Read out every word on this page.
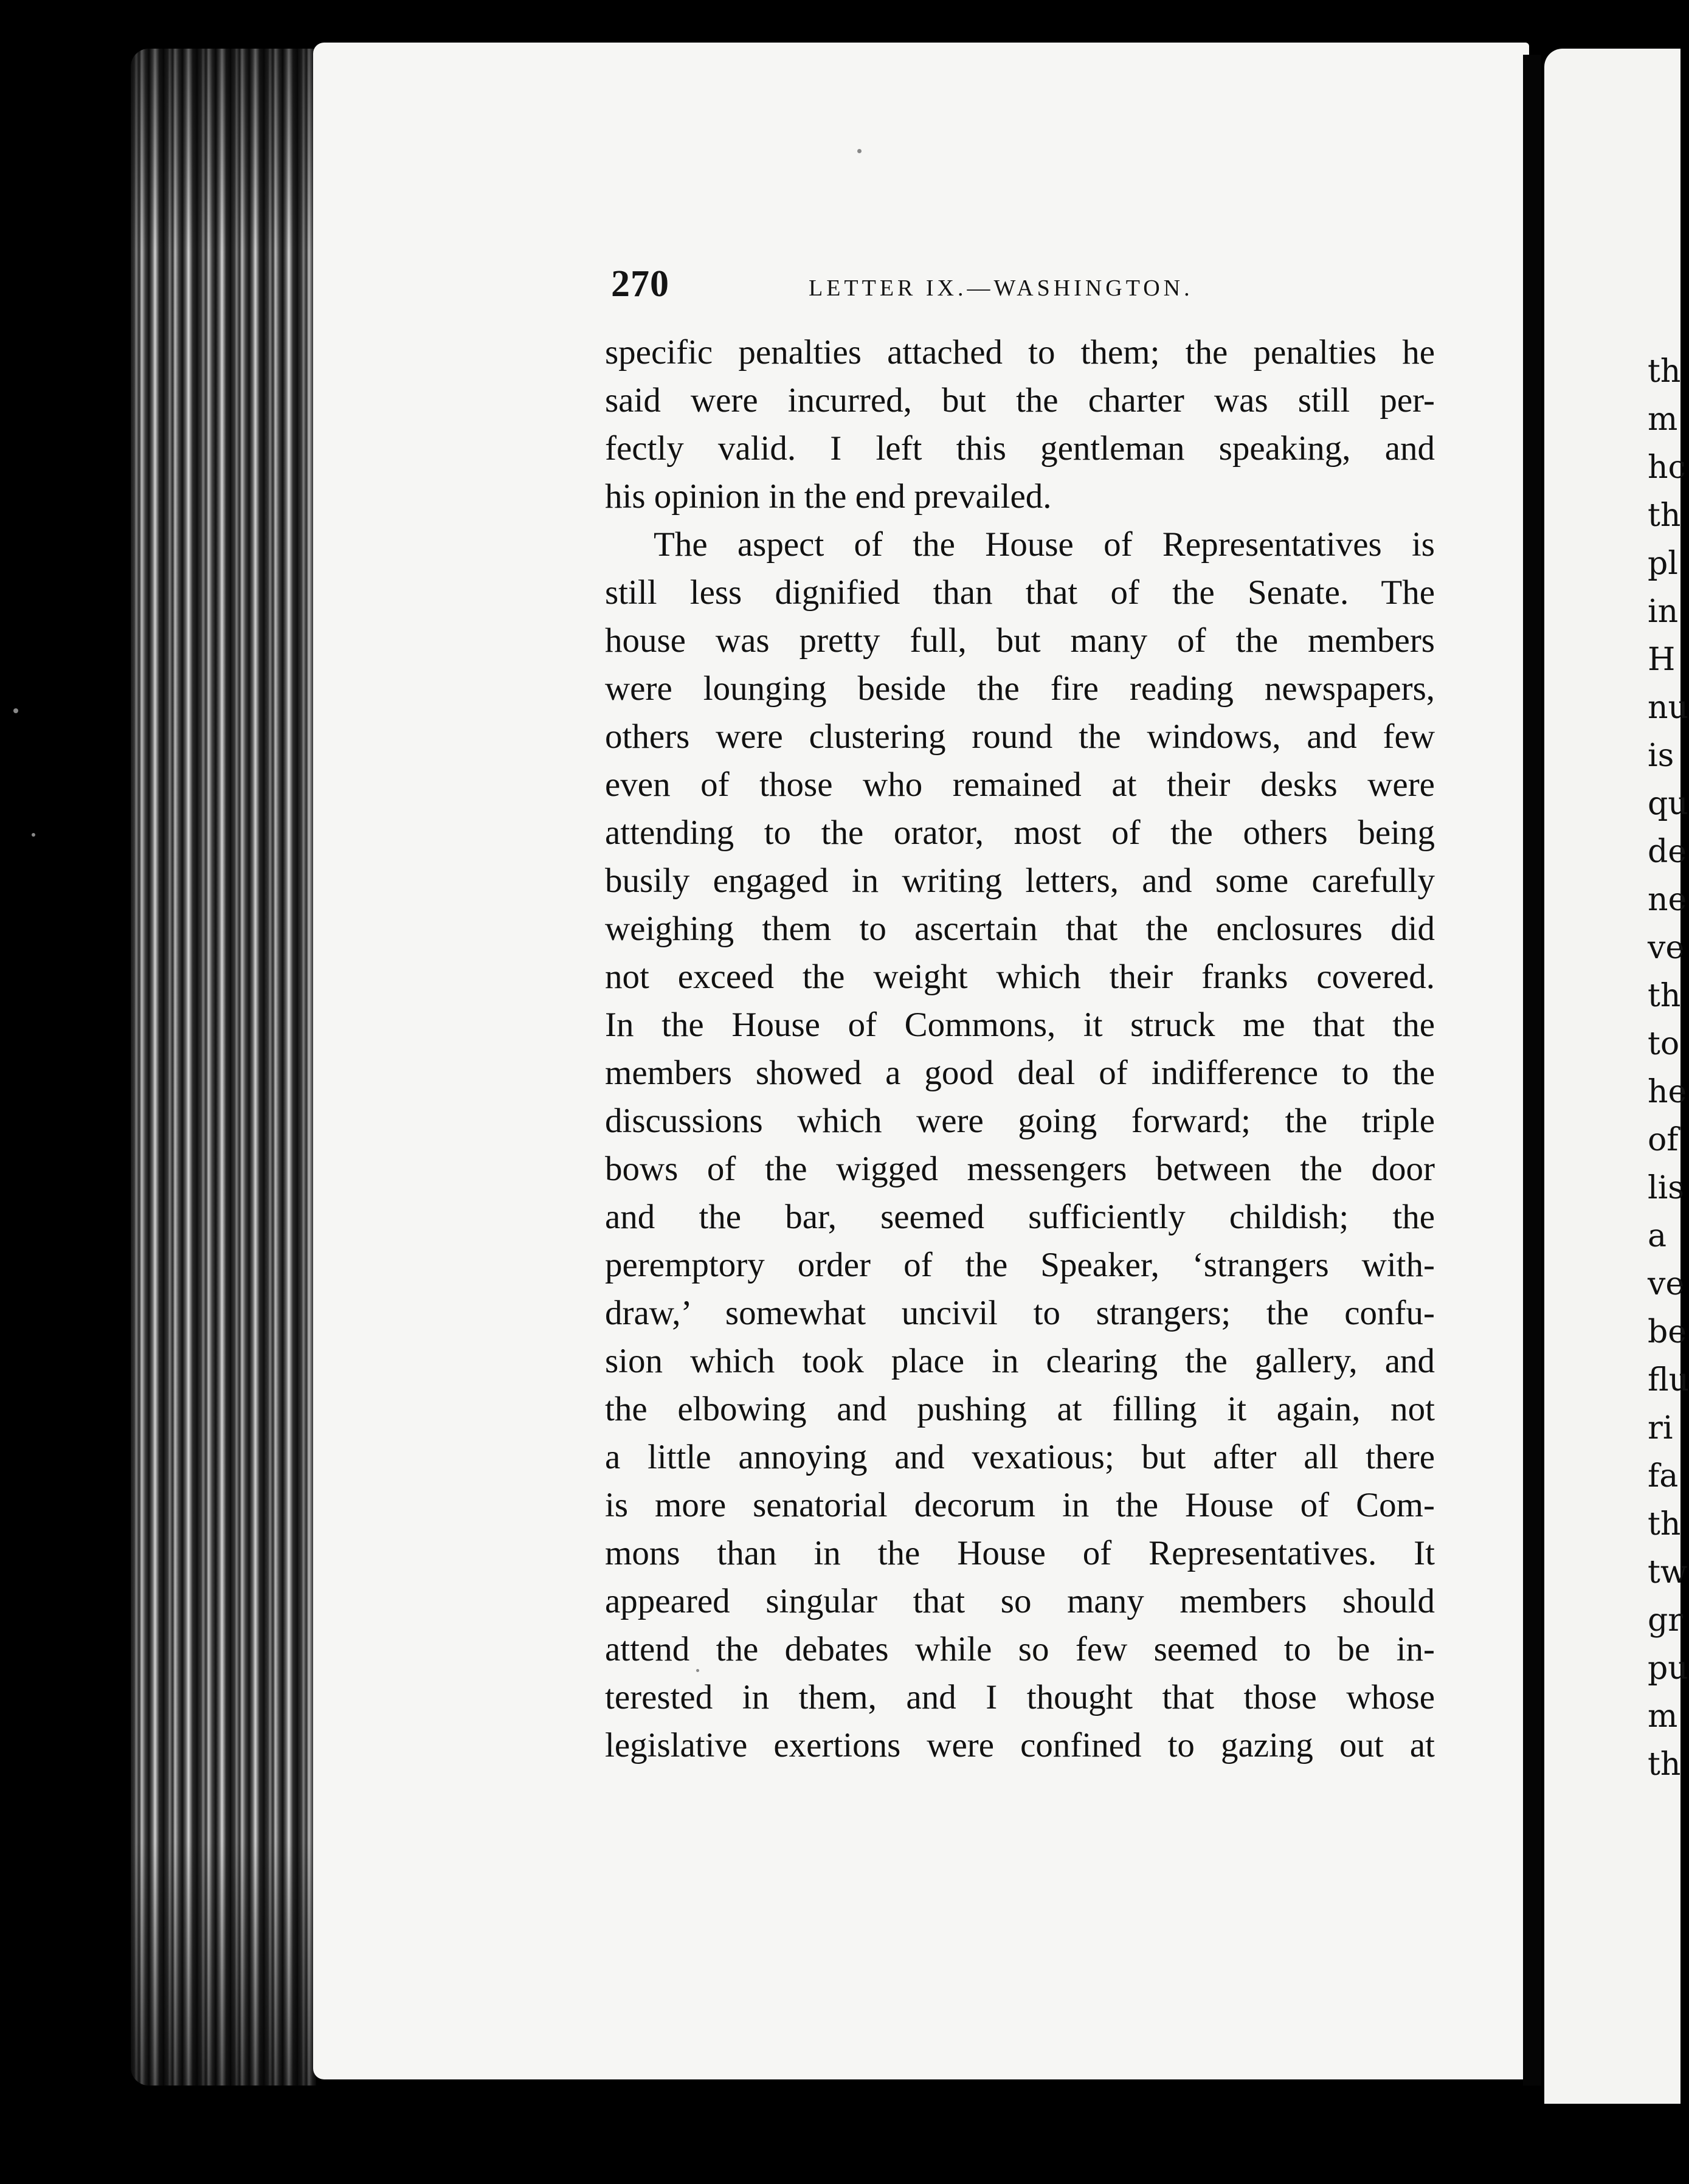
th
m
hc
th
pl
in
H
nu
is
qu
de
ne
ve
th
to
he
of
lis
a
ve
be
flu
ri
fa
th
tw
gr
pu
m
th
270	LETTER IX.—WASHINGTON.
specific penalties attached to them; the penalties he
said were incurred, but the charter was still per-
fectly valid. I left this gentleman speaking, and
his opinion in the end prevailed.
The aspect of the House of Representatives is
still less dignified than that of the Senate. The
house was pretty full, but many of the members
were lounging beside the fire reading newspapers,
others were clustering round the windows, and few
even of those who remained at their desks were
attending to the orator, most of the others being
busily engaged in writing letters, and some carefully
weighing them to ascertain that the enclosures did
not exceed the weight which their franks covered.
In the House of Commons, it struck me that the
members showed a good deal of indifference to the
discussions which were going forward; the triple
bows of the wigged messengers between the door
and the bar, seemed sufficiently childish; the
peremptory order of the Speaker, ‘strangers with-
draw,’ somewhat uncivil to strangers; the confu-
sion which took place in clearing the gallery, and
the elbowing and pushing at filling it again, not
a little annoying and vexatious; but after all there
is more senatorial decorum in the House of Com-
mons than in the House of Representatives. It
appeared singular that so many members should
attend the debates while so few seemed to be in-
terested in them, and I thought that those whose
legislative exertions were confined to gazing out at
